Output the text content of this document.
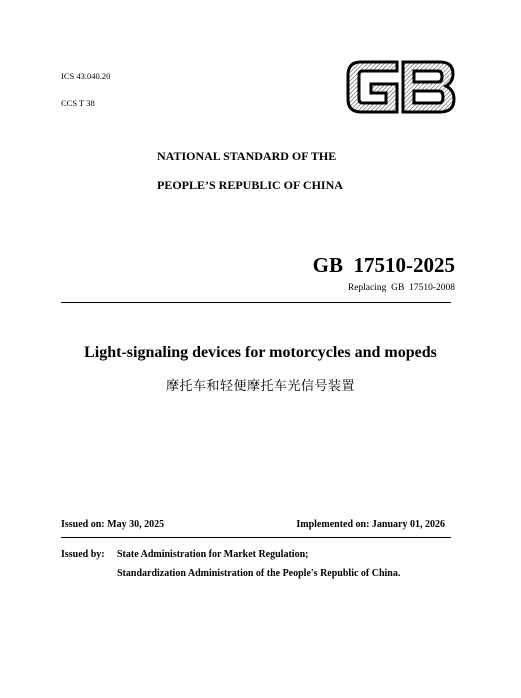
ICS 43.040.20
CCS T 38
NATIONAL STANDARD OF THE
PEOPLE’S REPUBLIC OF CHINA
GB  17510-2025
Replacing  GB  17510-2008
Light-signaling devices for motorcycles and mopeds
摩托车和轻便摩托车光信号装置
Issued on: May 30, 2025	Implemented on: January 01, 2026
Issued by: State Administration for Market Regulation;
Standardization Administration of the People's Republic of China.
